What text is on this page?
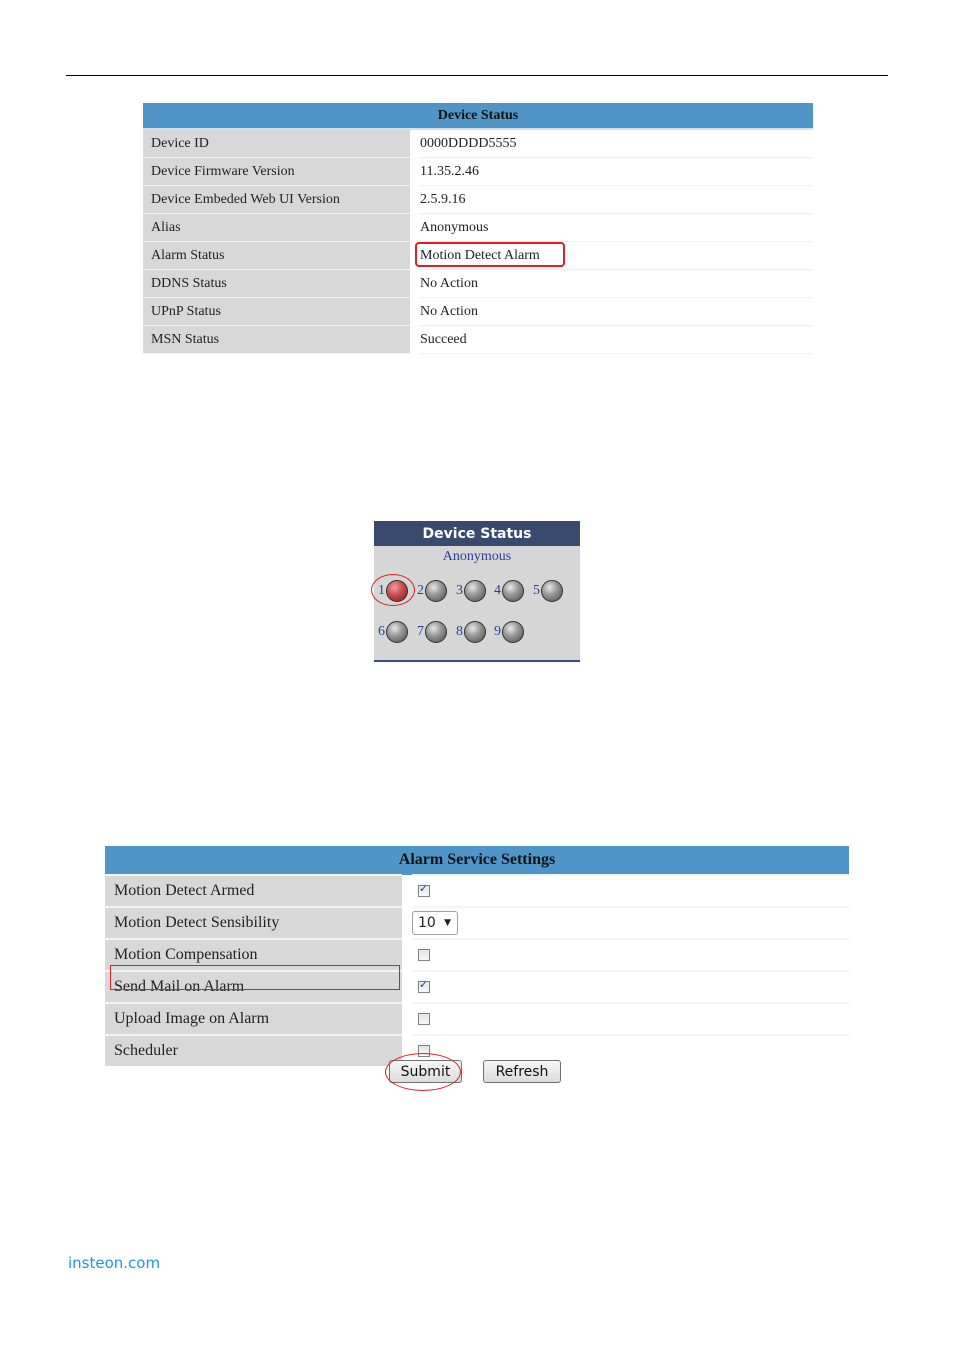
Device Status		
Device ID		0000DDDD5555
Device Firmware Version		11.35.2.46
Device Embeded Web UI Version		2.5.9.16
Alias		Anonymous
Alarm Status		Motion Detect Alarm
DDNS Status		No Action
UPnP Status		No Action
MSN Status		Succeed
Device Status
Anonymous
1 2 3 4 5
6 7 8 9
Alarm Service Settings		
Motion Detect Armed		✓
Motion Detect Sensibility		10 ▼

Motion Compensation		
Send Mail on Alarm		✓
Upload Image on Alarm		
Scheduler		
Submit	Refresh
insteon.com
